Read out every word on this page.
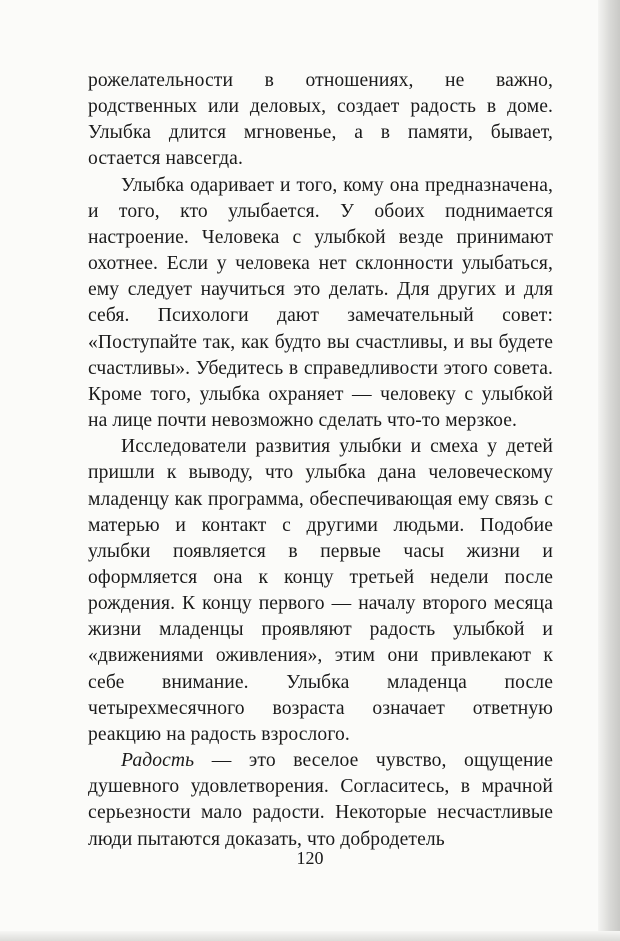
рожелательности в отношениях, не важно, родственных или деловых, создает радость в доме. Улыбка длится мгновенье, а в памяти, бывает, остается навсегда.

Улыбка одаривает и того, кому она предназначена, и того, кто улыбается. У обоих поднимается настроение. Человека с улыбкой везде принимают охотнее. Если у человека нет склонности улыбаться, ему следует научиться это делать. Для других и для себя. Психологи дают замечательный совет: «Поступайте так, как будто вы счастливы, и вы будете счастливы». Убедитесь в справедливости этого совета. Кроме того, улыбка охраняет — человеку с улыбкой на лице почти невозможно сделать что-то мерзкое.

Исследователи развития улыбки и смеха у детей пришли к выводу, что улыбка дана человеческому младенцу как программа, обеспечивающая ему связь с матерью и контакт с другими людьми. Подобие улыбки появляется в первые часы жизни и оформляется она к концу третьей недели после рождения. К концу первого — началу второго месяца жизни младенцы проявляют радость улыбкой и «движениями оживления», этим они привлекают к себе внимание. Улыбка младенца после четырехмесячного возраста означает ответную реакцию на радость взрослого.

Радость — это веселое чувство, ощущение душевного удовлетворения. Согласитесь, в мрачной серьезности мало радости. Некоторые несчастливые люди пытаются доказать, что добродетель

120
